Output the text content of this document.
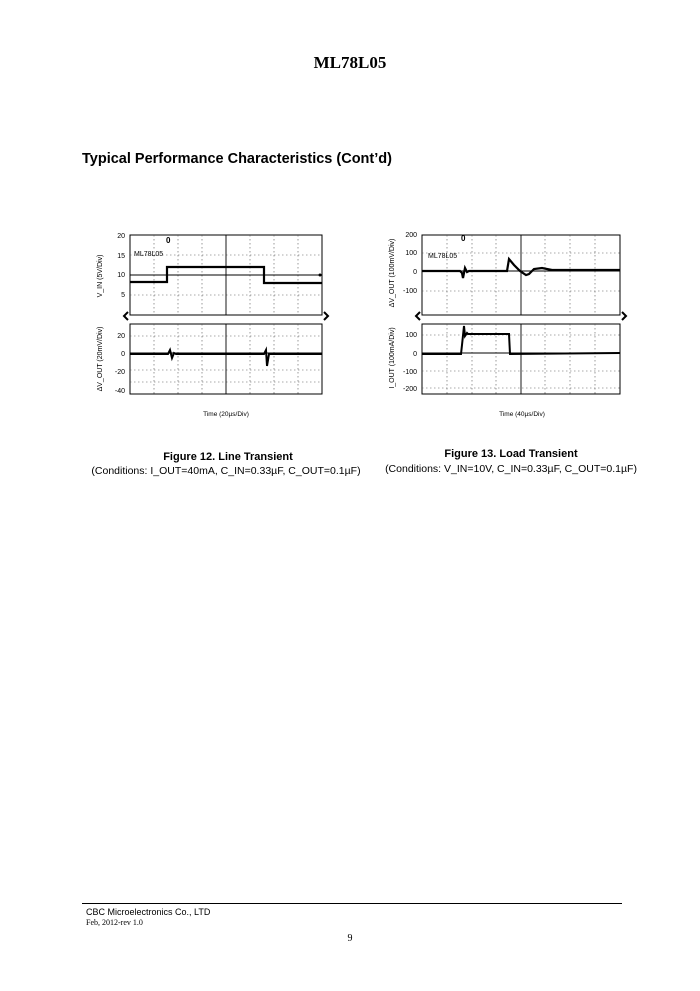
ML78L05
Typical Performance Characteristics (Cont’d)
0
ML78L05
20
15
10
5
20
0
-20
-40
V_IN (5V/Div)
ΔV_OUT (20mV/Div)
Time (20µs/Div)
0
ML78L05
200
100
0
-100
100
0
-100
-200
ΔV_OUT (100mV/Div)
I_OUT (100mA/Div)
Time (40µs/Div)
Figure 12. Line Transient
(Conditions: I_OUT=40mA, C_IN=0.33µF, C_OUT=0.1µF)
Figure 13. Load Transient
(Conditions: V_IN=10V, C_IN=0.33µF, C_OUT=0.1µF)
CBC Microelectronics Co., LTD
Feb, 2012-rev 1.0
9
